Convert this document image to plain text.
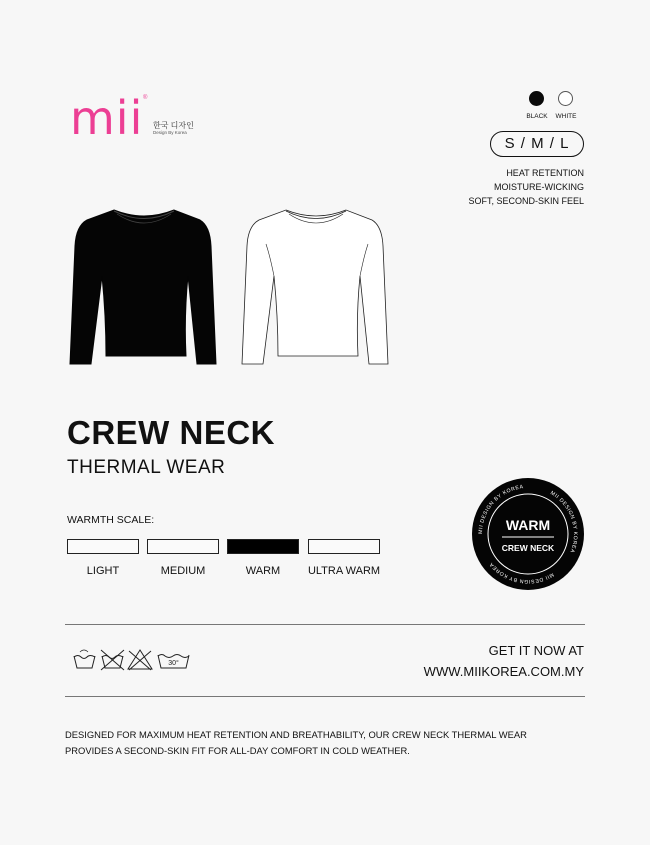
mii ®
한국 디자인
Design By Korea
BLACK	WHITE
S / M / L
HEAT RETENTION
MOISTURE-WICKING
SOFT, SECOND-SKIN FEEL
CREW NECK
THERMAL WEAR
WARMTH SCALE:
LIGHT	MEDIUM	WARM	ULTRA WARM
MII DESIGN BY KOREA
MII DESIGN BY KOREA
MII DESIGN BY KOREA
WARM
CREW NECK
30°
GET IT NOW AT
WWW.MIIKOREA.COM.MY
DESIGNED FOR MAXIMUM HEAT RETENTION AND BREATHABILITY, OUR CREW NECK THERMAL WEAR
PROVIDES A SECOND-SKIN FIT FOR ALL-DAY COMFORT IN COLD WEATHER.
